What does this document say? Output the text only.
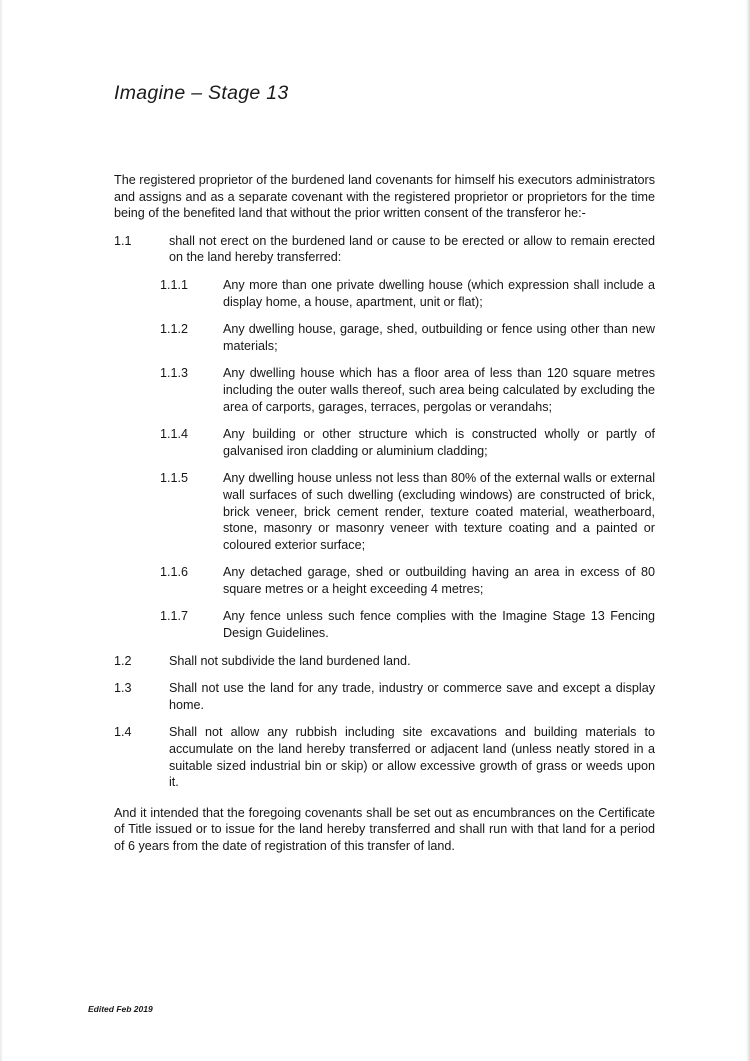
Imagine – Stage 13
The registered proprietor of the burdened land covenants for himself his executors administrators and assigns and as a separate covenant with the registered proprietor or proprietors for the time being of the benefited land that without the prior written consent of the transferor he:-
1.1	shall not erect on the burdened land or cause to be erected or allow to remain erected on the land hereby transferred:
1.1.1	Any more than one private dwelling house (which expression shall include a display home, a house, apartment, unit or flat);
1.1.2	Any dwelling house, garage, shed, outbuilding or fence using other than new materials;
1.1.3	Any dwelling house which has a floor area of less than 120 square metres including the outer walls thereof, such area being calculated by excluding the area of carports, garages, terraces, pergolas or verandahs;
1.1.4	Any building or other structure which is constructed wholly or partly of galvanised iron cladding or aluminium cladding;
1.1.5	Any dwelling house unless not less than 80% of the external walls or external wall surfaces of such dwelling (excluding windows) are constructed of brick, brick veneer, brick cement render, texture coated material, weatherboard, stone, masonry or masonry veneer with texture coating and a painted or coloured exterior surface;
1.1.6	Any detached garage, shed or outbuilding having an area in excess of 80 square metres or a height exceeding 4 metres;
1.1.7	Any fence unless such fence complies with the Imagine Stage 13 Fencing Design Guidelines.
1.2	Shall not subdivide the land burdened land.
1.3	Shall not use the land for any trade, industry or commerce save and except a display home.
1.4	Shall not allow any rubbish including site excavations and building materials to accumulate on the land hereby transferred or adjacent land (unless neatly stored in a suitable sized industrial bin or skip) or allow excessive growth of grass or weeds upon it.
And it intended that the foregoing covenants shall be set out as encumbrances on the Certificate of Title issued or to issue for the land hereby transferred and shall run with that land for a period of 6 years from the date of registration of this transfer of land.
Edited Feb 2019
